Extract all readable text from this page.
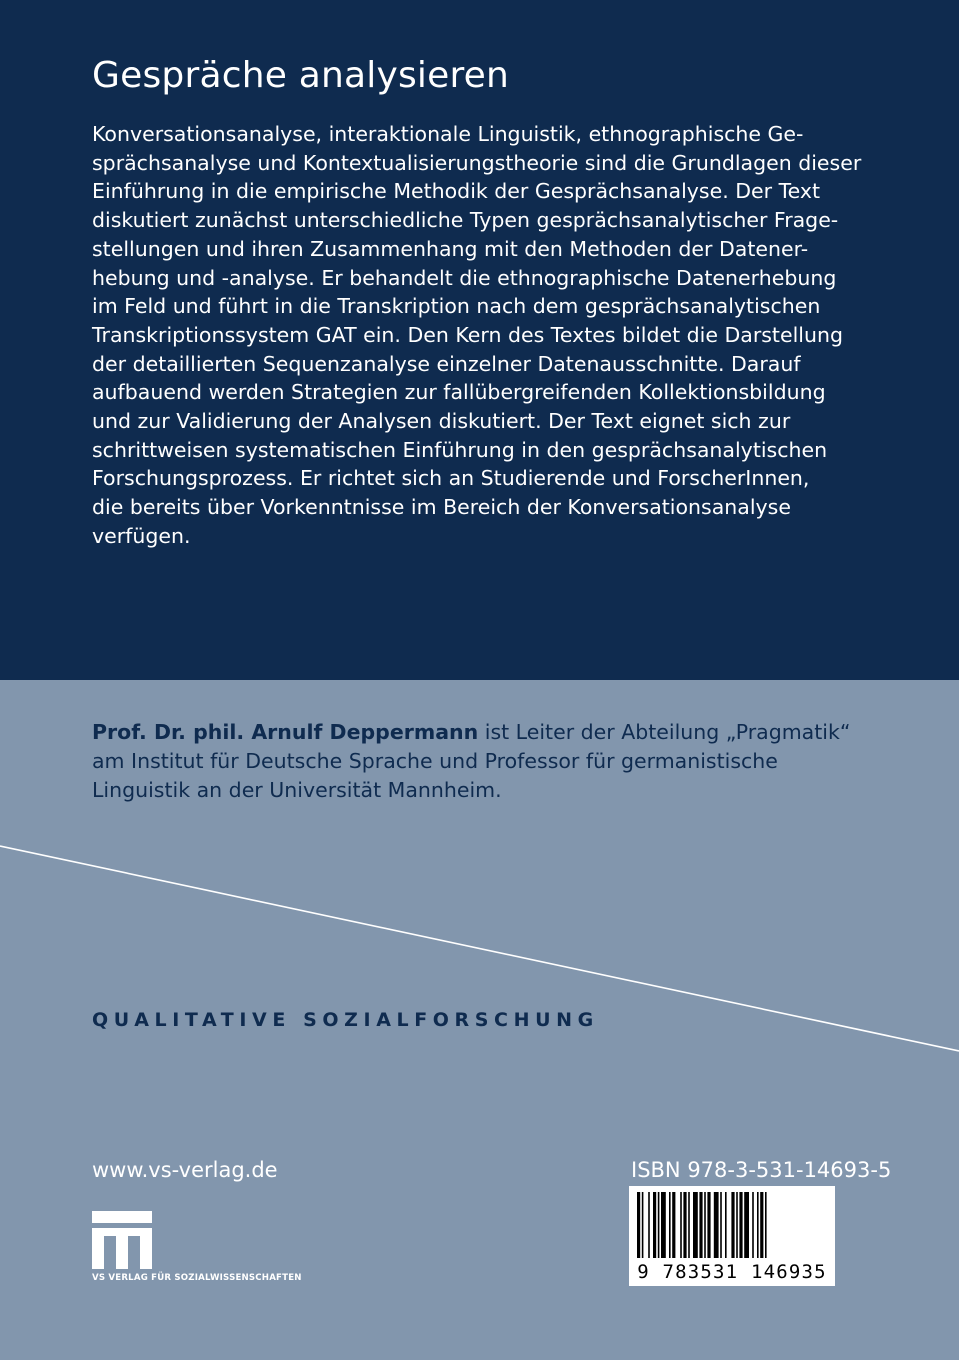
Gespräche analysieren
Konversationsanalyse, interaktionale Linguistik, ethnographische Ge-
sprächsanalyse und Kontextualisierungstheorie sind die Grundlagen dieser
Einführung in die empirische Methodik der Gesprächsanalyse. Der Text
diskutiert zunächst unterschiedliche Typen gesprächsanalytischer Frage-
stellungen und ihren Zusammenhang mit den Methoden der Datener-
hebung und -analyse. Er behandelt die ethnographische Datenerhebung
im Feld und führt in die Transkription nach dem gesprächsanalytischen
Transkriptionssystem GAT ein. Den Kern des Textes bildet die Darstellung
der detaillierten Sequenzanalyse einzelner Datenausschnitte. Darauf
aufbauend werden Strategien zur fallübergreifenden Kollektionsbildung
und zur Validierung der Analysen diskutiert. Der Text eignet sich zur
schrittweisen systematischen Einführung in den gesprächsanalytischen
Forschungsprozess. Er richtet sich an Studierende und ForscherInnen,
die bereits über Vorkenntnisse im Bereich der Konversationsanalyse
verfügen.
Prof. Dr. phil. Arnulf Deppermann ist Leiter der Abteilung „Pragmatik“
am Institut für Deutsche Sprache und Professor für germanistische
Linguistik an der Universität Mannheim.
QUALITATIVE SOZIALFORSCHUNG
www.vs-verlag.de
VS VERLAG FÜR SOZIALWISSENSCHAFTEN
ISBN 978-3-531-14693-5
9 783531 146935
